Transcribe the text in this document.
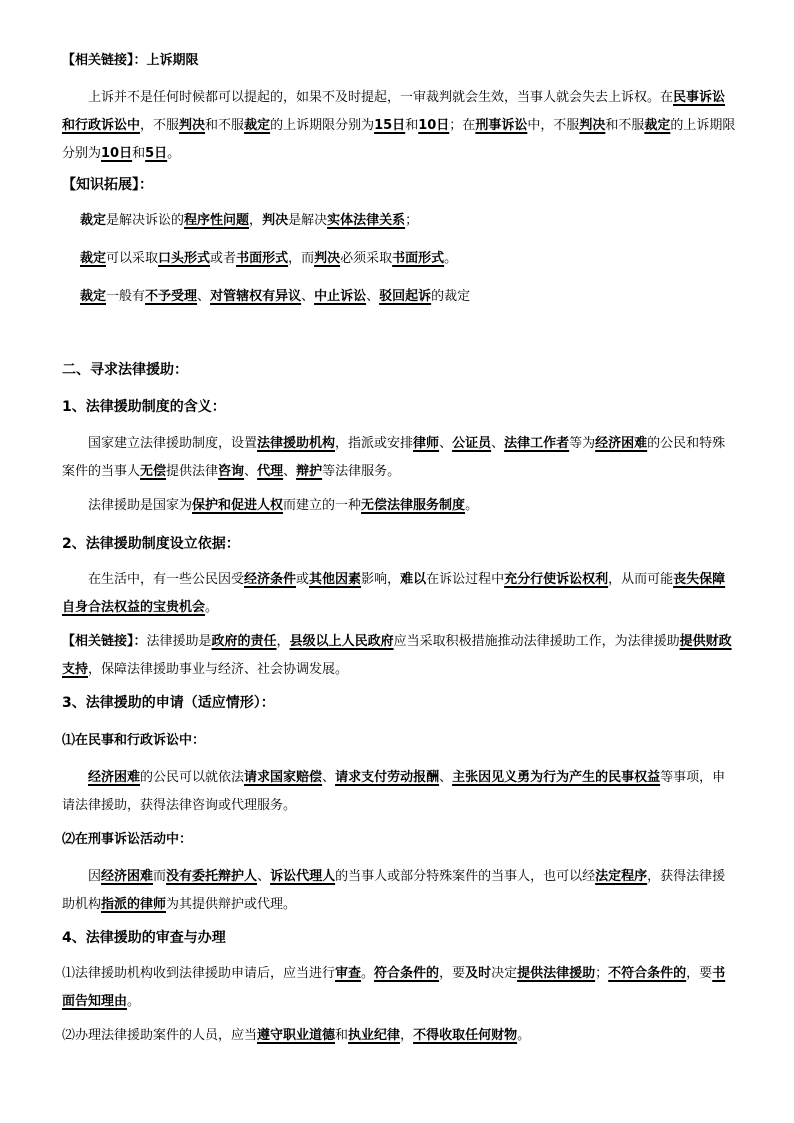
【相关链接】：上诉期限

上诉并不是任何时候都可以提起的，如果不及时提起，一审裁判就会生效，当事人就会失去上诉权。在民事诉讼和行政诉讼中，不服判决和不服裁定的上诉期限分别为15日和10日；在刑事诉讼中，不服判决和不服裁定的上诉期限分别为10日和5日。

【知识拓展】：

裁定是解决诉讼的程序性问题，判决是解决实体法律关系；

裁定可以采取口头形式或者书面形式，而判决必须采取书面形式。

裁定一般有不予受理、对管辖权有异议、中止诉讼、驳回起诉的裁定

二、寻求法律援助：
1、法律援助制度的含义：

国家建立法律援助制度，设置法律援助机构，指派或安排律师、公证员、法律工作者等为经济困难的公民和特殊案件的当事人无偿提供法律咨询、代理、辩护等法律服务。

法律援助是国家为保护和促进人权而建立的一种无偿法律服务制度。

2、法律援助制度设立依据：

在生活中，有一些公民因受经济条件或其他因素影响，难以在诉讼过程中充分行使诉讼权利，从而可能丧失保障自身合法权益的宝贵机会。

【相关链接】：法律援助是政府的责任，县级以上人民政府应当采取积极措施推动法律援助工作，为法律援助提供财政支持，保障法律援助事业与经济、社会协调发展。

3、法律援助的申请（适应情形）：
⑴在民事和行政诉讼中：

经济困难的公民可以就依法请求国家赔偿、请求支付劳动报酬、主张因见义勇为行为产生的民事权益等事项，申请法律援助，获得法律咨询或代理服务。

⑵在刑事诉讼活动中：

因经济困难而没有委托辩护人、诉讼代理人的当事人或部分特殊案件的当事人，也可以经法定程序，获得法律援助机构指派的律师为其提供辩护或代理。

4、法律援助的审查与办理

⑴法律援助机构收到法律援助申请后，应当进行审查。符合条件的，要及时决定提供法律援助；不符合条件的，要书面告知理由。

⑵办理法律援助案件的人员，应当遵守职业道德和执业纪律，不得收取任何财物。
